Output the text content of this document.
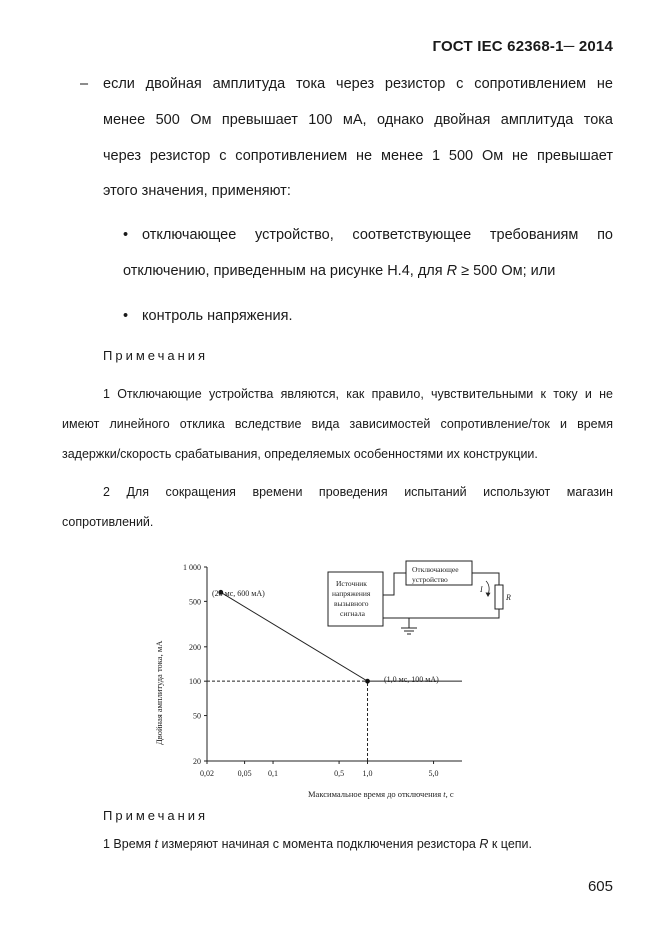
ГОСТ IEC 62368-1─ 2014
– если двойная амплитуда тока через резистор с сопротивлением не
менее 500 Ом превышает 100 мА, однако двойная амплитуда тока
через резистор с сопротивлением не менее 1 500 Ом не превышает
этого значения, применяют:
• отключающее устройство, соответствующее требованиям по
отключению, приведенным на рисунке Н.4, для R ≥ 500 Ом; или
• контроль напряжения.
Примечания
1 Отключающие устройства являются, как правило, чувствительными к току и не
имеют линейного отклика вследствие вида зависимостей сопротивление/ток и время
задержки/скорость срабатывания, определяемых особенностями их конструкции.
2 Для сокращения времени проведения испытаний используют магазин
сопротивлений.
Двойная амплитуда тока, мА
1 000
500
200
100
50
20
0,02	0,05 0,1	0,5 1,0	5,0
(28 мс, 600 мА)
(1,0 мс, 100 мА)
Источник
напряжения
вызывного
сигнала
Отключающее
устройство
R
I
Максимальное время до отключения t, с
Примечания
1 Время t измеряют начиная с момента подключения резистора R к цепи.
605
